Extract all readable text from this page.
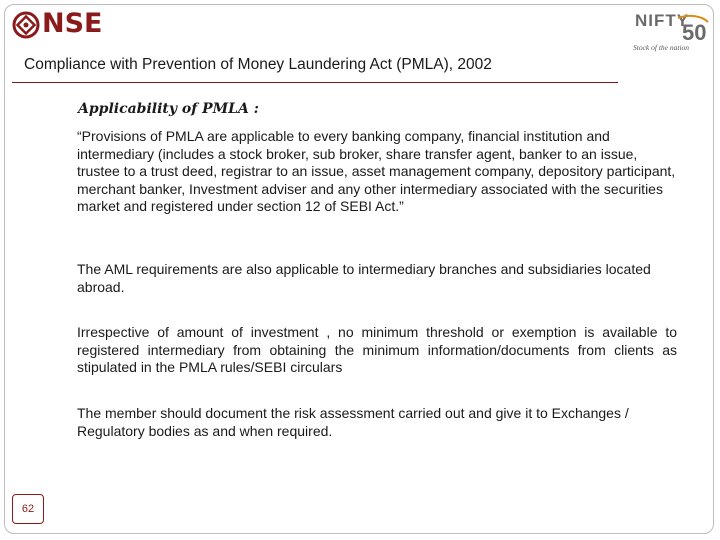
NSE	NIFTY
50
Stock of the nation
Compliance with Prevention of Money Laundering Act (PMLA), 2002
Applicability of PMLA :

“Provisions of PMLA are applicable to every banking company, financial institution and intermediary (includes a stock broker, sub broker, share transfer agent, banker to an issue, trustee to a trust deed, registrar to an issue, asset management company, depository participant, merchant banker, Investment adviser and any other intermediary associated with the securities market and registered under section 12 of SEBI Act.”

The AML requirements are also applicable to intermediary branches and subsidiaries located abroad.

Irrespective of amount of investment , no minimum threshold or exemption is available to registered intermediary from obtaining the minimum information/documents from clients as stipulated in the PMLA rules/SEBI circulars

The member should document the risk assessment carried out and give it to Exchanges / Regulatory bodies as and when required.

62
